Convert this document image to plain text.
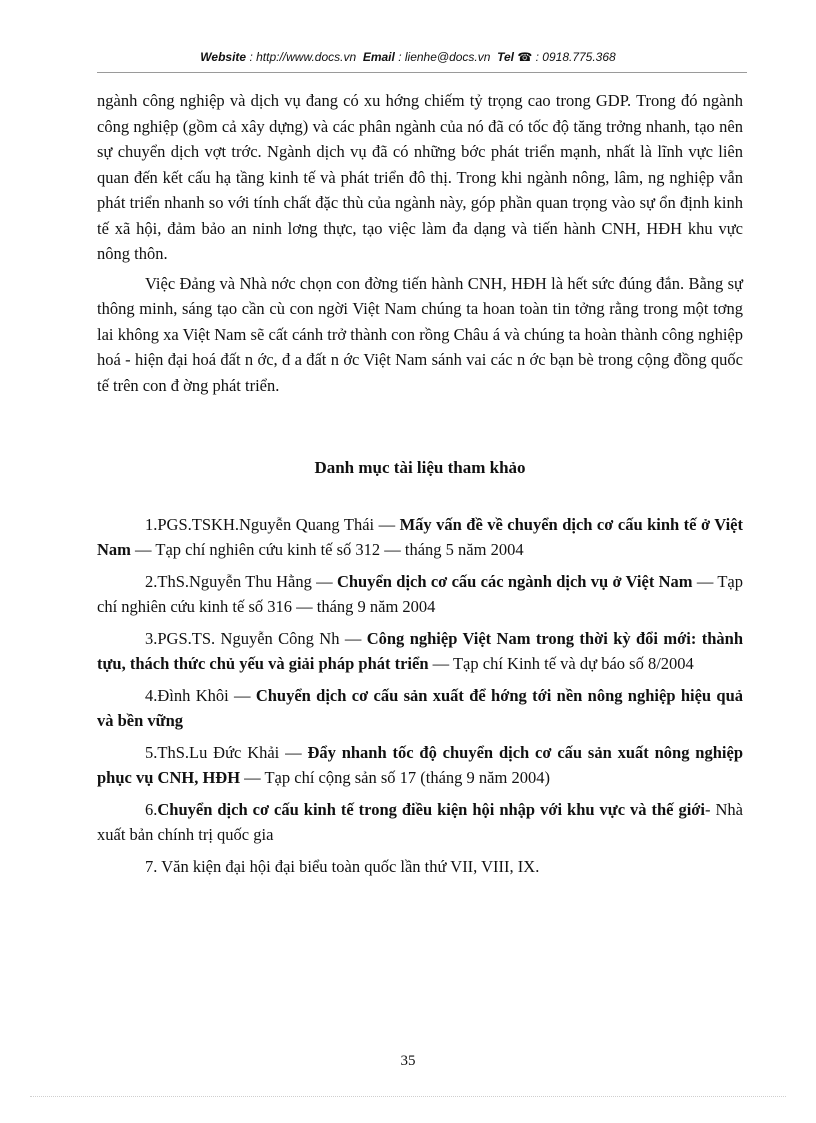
Website : http://www.docs.vn Email : lienhe@docs.vn Tel ☎ : 0918.775.368

ngành công nghiệp và dịch vụ đang có xu hớng chiếm tỷ trọng cao trong GDP. Trong đó ngành công nghiệp (gồm cả xây dựng) và các phân ngành của nó đã có tốc độ tăng trởng nhanh, tạo nên sự chuyển dịch vợt trớc. Ngành dịch vụ đã có những bớc phát triển mạnh, nhất là lĩnh vực liên quan đến kết cấu hạ tầng kinh tế và phát triển đô thị. Trong khi ngành nông, lâm, ng nghiệp vẫn phát triển nhanh so với tính chất đặc thù của ngành này, góp phần quan trọng vào sự ổn định kinh tế xã hội, đảm bảo an ninh lơng thực, tạo việc làm đa dạng và tiến hành CNH, HĐH khu vực nông thôn.

Việc Đảng và Nhà nớc chọn con đờng tiến hành CNH, HĐH là hết sức đúng đắn. Bằng sự thông minh, sáng tạo cần cù con ngời Việt Nam chúng ta hoan toàn tin tởng rằng trong một tơng lai không xa Việt Nam sẽ cất cánh trở thành con rồng Châu á và chúng ta hoàn thành công nghiệp hoá - hiện đại hoá đất n ớc, đ a đất n ớc Việt Nam sánh vai các n ớc bạn bè trong cộng đồng quốc tế trên con đ ờng phát triển.

Danh mục tài liệu tham khảo

1.PGS.TSKH.Nguyễn Quang Thái — Mấy vấn đề về chuyển dịch cơ cấu kinh tế ở Việt Nam — Tạp chí nghiên cứu kinh tế số 312 — tháng 5 năm 2004

2.ThS.Nguyễn Thu Hằng — Chuyển dịch cơ cấu các ngành dịch vụ ở Việt Nam — Tạp chí nghiên cứu kinh tế số 316 — tháng 9 năm 2004

3.PGS.TS. Nguyễn Công Nh — Công nghiệp Việt Nam trong thời kỳ đổi mới: thành tựu, thách thức chủ yếu và giải pháp phát triển — Tạp chí Kinh tế và dự báo số 8/2004

4.Đình Khôi — Chuyển dịch cơ cấu sản xuất để hớng tới nền nông nghiệp hiệu quả và bền vững

5.ThS.Lu Đức Khải — Đẩy nhanh tốc độ chuyển dịch cơ cấu sản xuất nông nghiệp phục vụ CNH, HĐH — Tạp chí cộng sản số 17 (tháng 9 năm 2004)

6.Chuyển dịch cơ cấu kinh tế trong điều kiện hội nhập với khu vực và thế giới- Nhà xuất bản chính trị quốc gia

7. Văn kiện đại hội đại biểu toàn quốc lần thứ VII, VIII, IX.

35
